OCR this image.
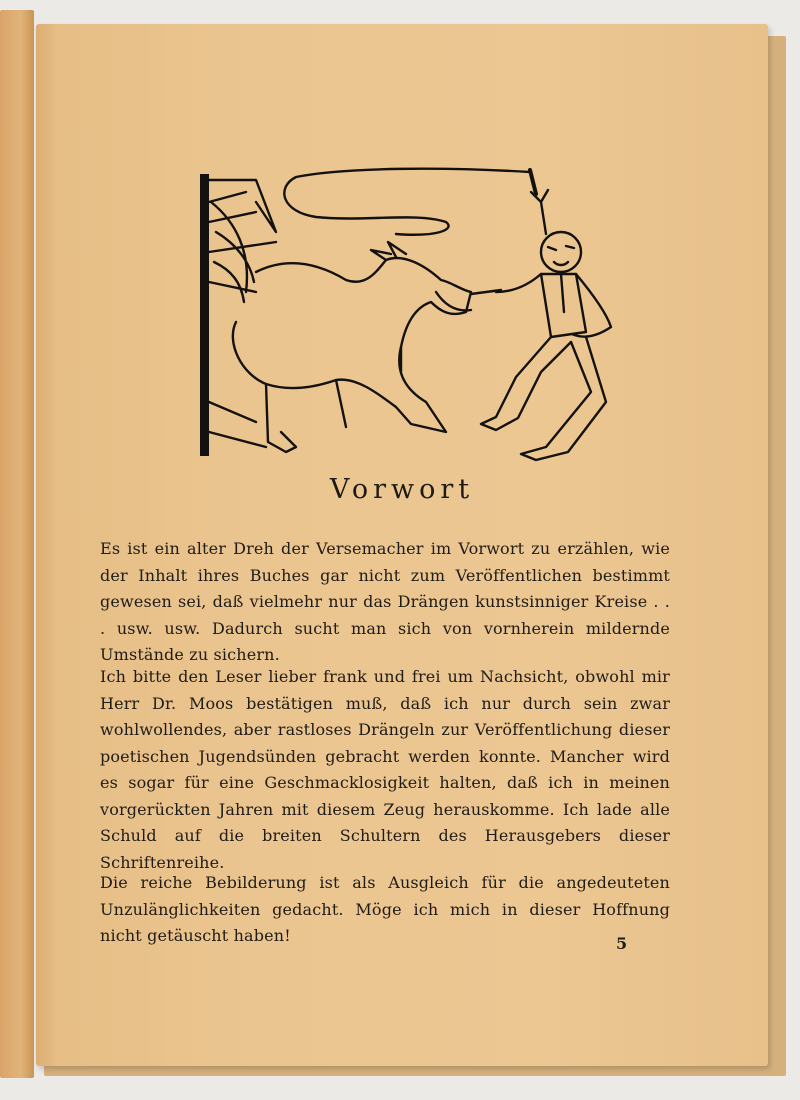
Vorwort
Es ist ein alter Dreh der Versemacher im Vorwort zu erzählen, wie der Inhalt ihres Buches gar nicht zum Veröffentlichen bestimmt gewesen sei, daß vielmehr nur das Drängen kunstsinniger Kreise . . . usw. usw. Dadurch sucht man sich von vornherein mildernde Umstände zu sichern.
Ich bitte den Leser lieber frank und frei um Nachsicht, obwohl mir Herr Dr. Moos bestätigen muß, daß ich nur durch sein zwar wohlwollendes, aber rastloses Drängeln zur Veröffentlichung dieser poetischen Jugendsünden gebracht werden konnte. Mancher wird es sogar für eine Geschmacklosigkeit halten, daß ich in meinen vorgerückten Jahren mit diesem Zeug herauskomme. Ich lade alle Schuld auf die breiten Schultern des Herausgebers dieser Schriftenreihe.
Die reiche Bebilderung ist als Ausgleich für die angedeuteten Unzulänglichkeiten gedacht. Möge ich mich in dieser Hoffnung nicht getäuscht haben!	5
